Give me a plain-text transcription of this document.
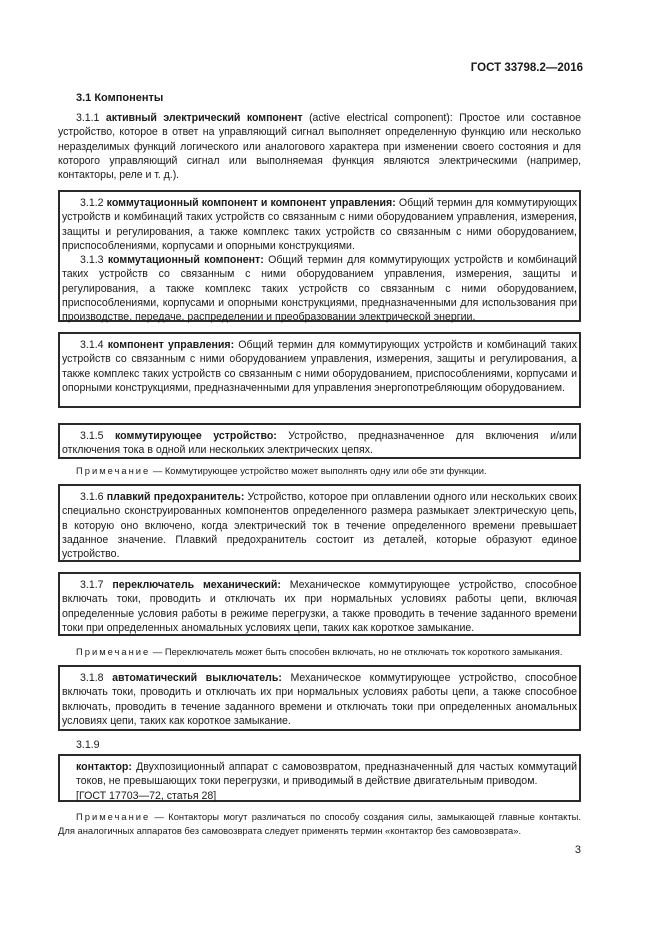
ГОСТ 33798.2—2016
3.1 Компоненты

3.1.1 активный электрический компонент (active electrical component): Простое или составное устройство, которое в ответ на управляющий сигнал выполняет определенную функцию или несколько неразделимых функций логического или аналогового характера при изменении своего состояния и для которого управляющий сигнал или выполняемая функция являются электрическими (например, контакторы, реле и т. д.).

3.1.2 коммутационный компонент и компонент управления: Общий термин для коммутирующих устройств и комбинаций таких устройств со связанным с ними оборудованием управления, измерения, защиты и регулирования, а также комплекс таких устройств со связанным с ними оборудованием, приспособлениями, корпусами и опорными конструкциями.

3.1.3 коммутационный компонент: Общий термин для коммутирующих устройств и комбинаций таких устройств со связанным с ними оборудованием управления, измерения, защиты и регулирования, а также комплекс таких устройств со связанным с ними оборудованием, приспособлениями, корпусами и опорными конструкциями, предназначенными для использования при производстве, передаче, распределении и преобразовании электрической энергии.

3.1.4 компонент управления: Общий термин для коммутирующих устройств и комбинаций таких устройств со связанным с ними оборудованием управления, измерения, защиты и регулирования, а также комплекс таких устройств со связанным с ними оборудованием, приспособлениями, корпусами и опорными конструкциями, предназначенными для управления энергопотребляющим оборудованием.

3.1.5 коммутирующее устройство: Устройство, предназначенное для включения и/или отключения тока в одной или нескольких электрических цепях.

Примечание — Коммутирующее устройство может выполнять одну или обе эти функции.

3.1.6 плавкий предохранитель: Устройство, которое при оплавлении одного или нескольких своих специально сконструированных компонентов определенного размера размыкает электрическую цепь, в которую оно включено, когда электрический ток в течение определенного времени превышает заданное значение. Плавкий предохранитель состоит из деталей, которые образуют единое устройство.

3.1.7 переключатель механический: Механическое коммутирующее устройство, способное включать токи, проводить и отключать их при нормальных условиях работы цепи, включая определенные условия работы в режиме перегрузки, а также проводить в течение заданного времени токи при определенных аномальных условиях цепи, таких как короткое замыкание.

Примечание — Переключатель может быть способен включать, но не отключать ток короткого замыкания.

3.1.8 автоматический выключатель: Механическое коммутирующее устройство, способное включать токи, проводить и отключать их при нормальных условиях работы цепи, а также способное включать, проводить в течение заданного времени и отключать токи при определенных аномальных условиях цепи, таких как короткое замыкание.

3.1.9

контактор: Двухпозиционный аппарат с самовозвратом, предназначенный для частых коммутаций токов, не превышающих токи перегрузки, и приводимый в действие двигательным приводом.

[ГОСТ 17703—72, статья 28]

Примечание — Контакторы могут различаться по способу создания силы, замыкающей главные контакты. Для аналогичных аппаратов без самовозврата следует применять термин «контактор без самовозврата».

3
